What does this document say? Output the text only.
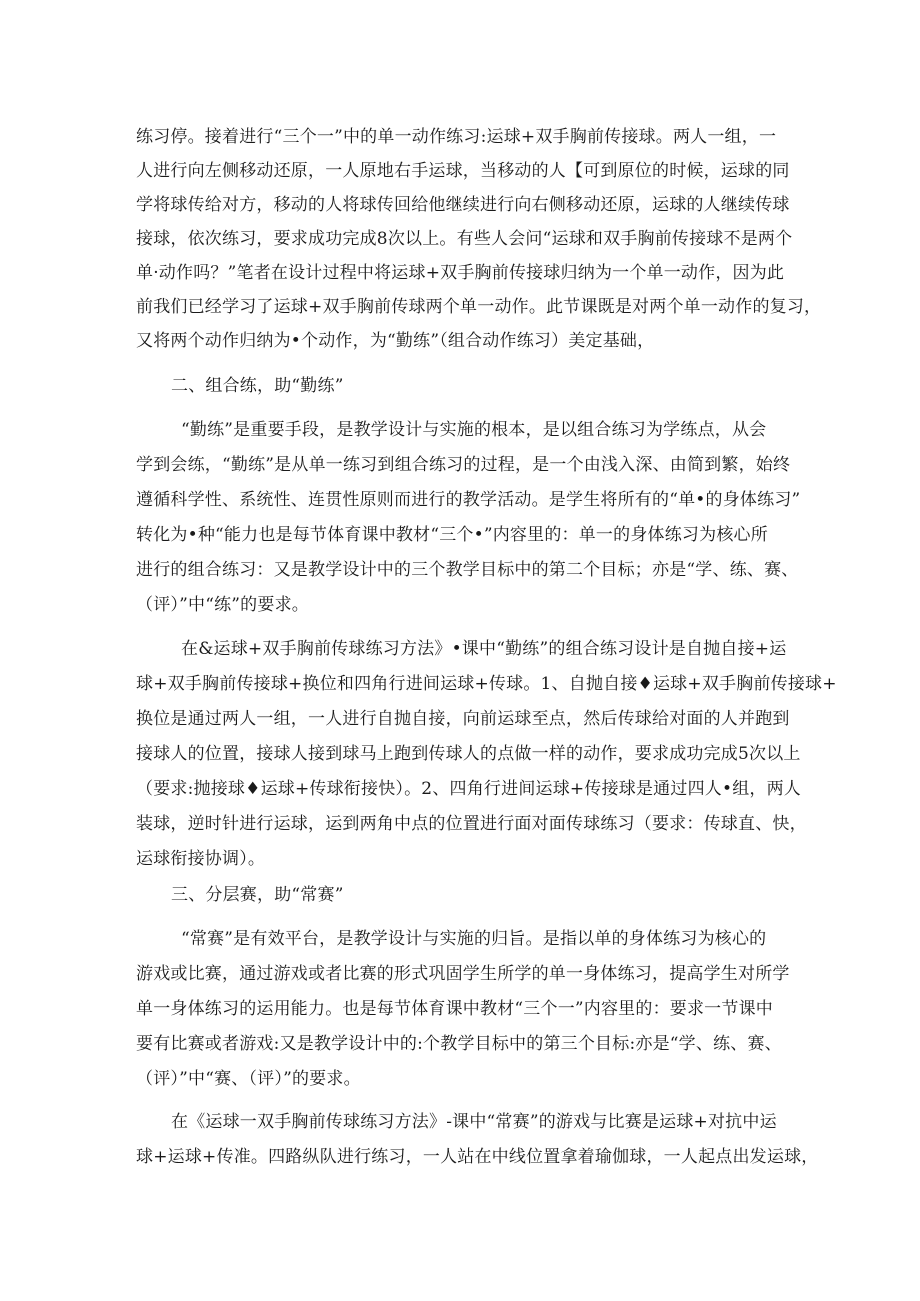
练习停。接着进行“三个一”中的单一动作练习:运球+双手胸前传接球。两人一组，一
人进行向左侧移动还原，一人原地右手运球，当移动的人【可到原位的时候，运球的同
学将球传给对方，移动的人将球传回给他继续进行向右侧移动还原，运球的人继续传球
接球，依次练习，要求成功完成8次以上。有些人会问“运球和双手胸前传接球不是两个
单·动作吗？”笔者在设计过程中将运球+双手胸前传接球归纳为一个单一动作，因为此
前我们已经学习了运球+双手胸前传球两个单一动作。此节课既是对两个单一动作的复习，
又将两个动作归纳为•个动作，为“勤练”（组合动作练习）美定基础，
二、组合练，助“勤练”
“勤练”是重要手段，是教学设计与实施的根本，是以组合练习为学练点，从会
学到会练，“勤练”是从单一练习到组合练习的过程，是一个由浅入深、由简到繁，始终
遵循科学性、系统性、连贯性原则而进行的教学活动。是学生将所有的“单•的身体练习”
转化为•种“能力也是每节体育课中教材“三个•”内容里的：单一的身体练习为核心所
进行的组合练习：又是教学设计中的三个教学目标中的第二个目标；亦是“学、练、赛、
（评）”中“练”的要求。
在&运球+双手胸前传球练习方法》•课中“勤练”的组合练习设计是自抛自接+运
球+双手胸前传接球+换位和四角行进间运球+传球。1、自抛自接♦运球+双手胸前传接球+
换位是通过两人一组，一人进行自抛自接，向前运球至点，然后传球给对面的人并跑到
接球人的位置，接球人接到球马上跑到传球人的点做一样的动作，要求成功完成5次以上
（要求:抛接球♦运球+传球衔接快）。2、四角行进间运球+传接球是通过四人•组，两人
装球，逆时针进行运球，运到两角中点的位置进行面对面传球练习（要求：传球直、快，
运球衔接协调）。
三、分层赛，助“常赛”
“常赛”是有效平台，是教学设计与实施的归旨。是指以单的身体练习为核心的
游戏或比赛，通过游戏或者比赛的形式巩固学生所学的单一身体练习，提高学生对所学
单一身体练习的运用能力。也是每节体育课中教材“三个一”内容里的：要求一节课中
要有比赛或者游戏:又是教学设计中的:个教学目标中的第三个目标:亦是“学、练、赛、
（评）”中“赛、（评）”的要求。
在《运球一双手胸前传球练习方法》-课中“常赛”的游戏与比赛是运球+对抗中运
球+运球+传准。四路纵队进行练习，一人站在中线位置拿着瑜伽球，一人起点出发运球，
